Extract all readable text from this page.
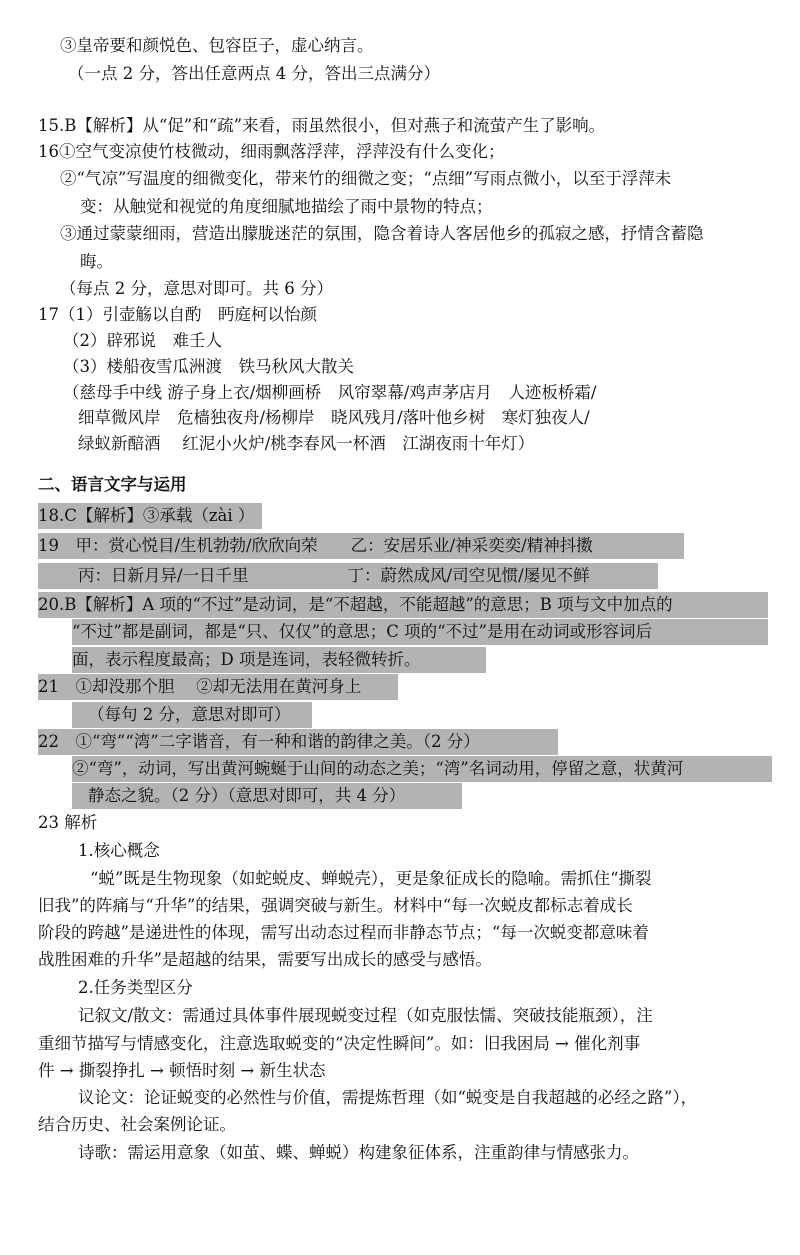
③皇帝要和颜悦色、包容臣子，虚心纳言。
（一点 2 分，答出任意两点 4 分，答出三点满分）
15.B【解析】从“促”和“疏”来看，雨虽然很小，但对燕子和流萤产生了影响。
16①空气变凉使竹枝微动，细雨飘落浮萍，浮萍没有什么变化；
②“气凉”写温度的细微变化，带来竹的细微之变；“点细”写雨点微小，以至于浮萍未
变：从触觉和视觉的角度细腻地描绘了雨中景物的特点；
③通过蒙蒙细雨，营造出朦胧迷茫的氛围，隐含着诗人客居他乡的孤寂之感，抒情含蓄隐
晦。
（每点 2 分，意思对即可。共 6 分）
17（1）引壶觞以自酌　眄庭柯以怡颜
（2）辟邪说　难壬人
（3）楼船夜雪瓜洲渡　铁马秋风大散关
（慈母手中线 游子身上衣/烟柳画桥　风帘翠幕/鸡声茅店月　人迹板桥霜/
细草微风岸　危樯独夜舟/杨柳岸　晓风残月/落叶他乡树　寒灯独夜人/
绿蚁新醅酒　 红泥小火炉/桃李春风一杯酒　江湖夜雨十年灯）
二、语言文字与运用
18.C【解析】③承载（zài ）
19　甲：赏心悦目/生机勃勃/欣欣向荣　　乙：安居乐业/神采奕奕/精神抖擞
丙：日新月异/一日千里　　　　　　丁：蔚然成风/司空见惯/屡见不鲜
20.B【解析】A 项的“不过”是动词，是“不超越，不能超越”的意思；B 项与文中加点的
“不过”都是副词，都是“只、仅仅”的意思；C 项的“不过”是用在动词或形容词后
面，表示程度最高；D 项是连词，表轻微转折。
21　①却没那个胆　 ②却无法用在黄河身上
（每句 2 分，意思对即可）
22　①“弯”“湾”二字谐音，有一种和谐的韵律之美。（2 分）
②“弯”，动词，写出黄河蜿蜒于山间的动态之美；“湾”名词动用，停留之意，状黄河
静态之貌。（2 分）（意思对即可，共 4 分）
23 解析
1.核心概念
“蜕”既是生物现象（如蛇蜕皮、蝉蜕壳），更是象征成长的隐喻。需抓住“撕裂
旧我”的阵痛与“升华”的结果，强调突破与新生。材料中“每一次蜕皮都标志着成长
阶段的跨越”是递进性的体现，需写出动态过程而非静态节点；“每一次蜕变都意味着
战胜困难的升华”是超越的结果，需要写出成长的感受与感悟。
2.任务类型区分
记叙文/散文：需通过具体事件展现蜕变过程（如克服怯懦、突破技能瓶颈），注
重细节描写与情感变化，注意选取蜕变的“决定性瞬间”。如：旧我困局 → 催化剂事
件 → 撕裂挣扎 → 顿悟时刻 → 新生状态
议论文：论证蜕变的必然性与价值，需提炼哲理（如“蜕变是自我超越的必经之路”），
结合历史、社会案例论证。
诗歌：需运用意象（如茧、蝶、蝉蜕）构建象征体系，注重韵律与情感张力。
